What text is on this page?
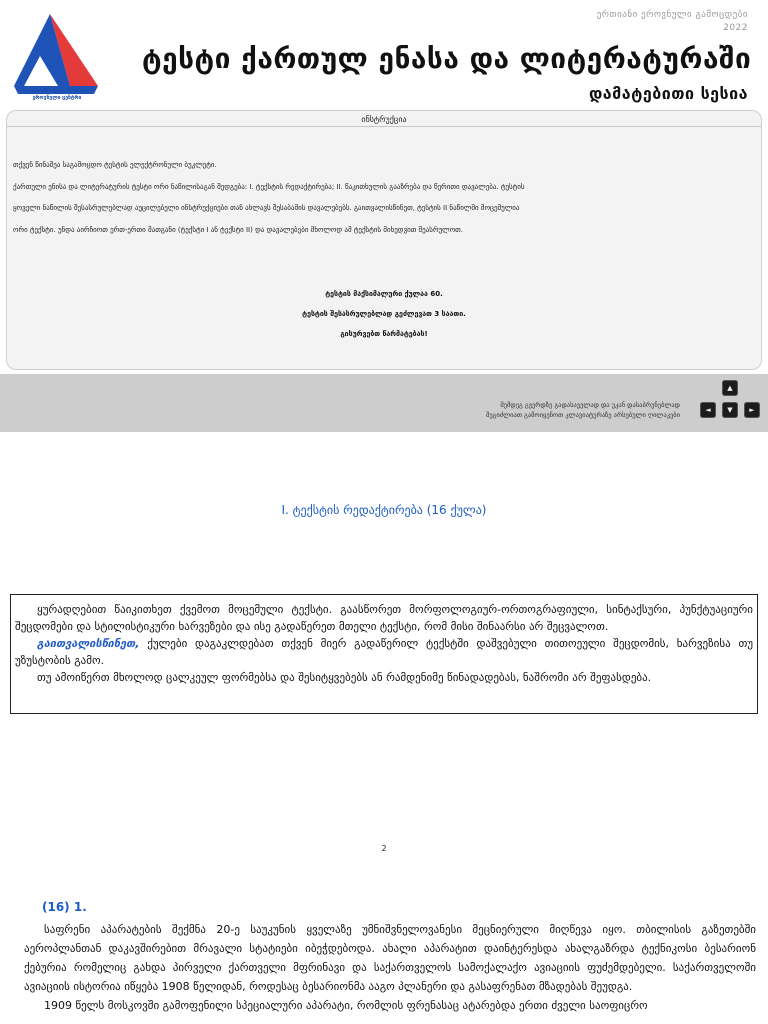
შეფასებისა და გამოცდების ეროვნული ცენტრი
ერთიანი ეროვნული გამოცდები
2022
ტესტი ქართულ ენასა და ლიტერატურაში
დამატებითი სესია
ინსტრუქცია

თქვენ წინაშეა საგამოცდო ტესტის ელექტრონული ბუკლეტი.

ქართული ენისა და ლიტერატურის ტესტი ორი ნაწილისაგან შედგება: I. ტექსტის რედაქტირება; II. წაკითხულის გააზრება და წერითი დავალება. ტესტის

ყოველი ნაწილის შესასრულებლად აუცილებელი ინსტრუქციები თან ახლავს შესაბამის დავალებებს. გაითვალისწინეთ, ტესტის II ნაწილში მოცემულია

ორი ტექსტი. უნდა აირჩიოთ ერთ-ერთი მათგანი (ტექსტი I ან ტექსტი II) და დავალებები მხოლოდ ამ ტექსტის მიხედვით შეასრულოთ.

ტესტის მაქსიმალური ქულაა 60.
ტესტის შესასრულებლად გეძლევათ 3 საათი.
გისურვებთ წარმატებას!
შემდეგ გვერდზე გადასაველად და უკან დასაბრუნებლად
შეგიძლიათ გამოიყენოთ კლავიატურაზე არსებული ღილაკები
▲
◄	▼	►
I. ტექსტის რედაქტირება (16 ქულა)

ყურადღებით წაიკითხეთ ქვემოთ მოცემული ტექსტი. გაასწორეთ მორფოლოგიურ-ორთოგრაფიული, სინტაქსური, პუნქტუაციური შეცდომები და სტილისტიკური ხარვეზები და ისე გადაწერეთ მთელი ტექსტი, რომ მისი შინაარსი არ შეცვალოთ.

გაითვალისწინეთ, ქულები დაგაკლდებათ თქვენ მიერ გადაწერილ ტექსტში დაშვებული თითოეული შეცდომის, ხარვეზისა თუ უზუსტობის გამო.

თუ ამოიწერთ მხოლოდ ცალკეულ ფორმებსა და შესიტყვებებს ან რამდენიმე წინადადებას, ნაშრომი არ შეფასდება.

2
(16) 1.

საფრენი აპარატების შექმნა 20-ე საუკუნის ყველაზე უმნიშვნელოვანესი მეცნიერული მიღწევა იყო. თბილისის გაზეთებში აეროპლანთან დაკავშირებით მრავალი სტატიები იბეჭდებოდა. ახალი აპარატით დაინტერესდა ახალგაზრდა ტექნიკოსი ბესარიონ ქებურია რომელიც გახდა პირველი ქართველი მფრინავი და საქართველოს სამოქალაქო ავიაციის ფუძემდებელი. საქართველოში ავიაციის ისტორია იწყება 1908 წელიდან, როდესაც ბესარიონმა ააგო პლანერი და გასაფრენათ მზადებას შეუდგა.

1909 წელს მოსკოვში გამოფენილი სპეციალური აპარატი, რომლის ფრენასაც ატარებდა ერთი ძველი საოფიცრო
